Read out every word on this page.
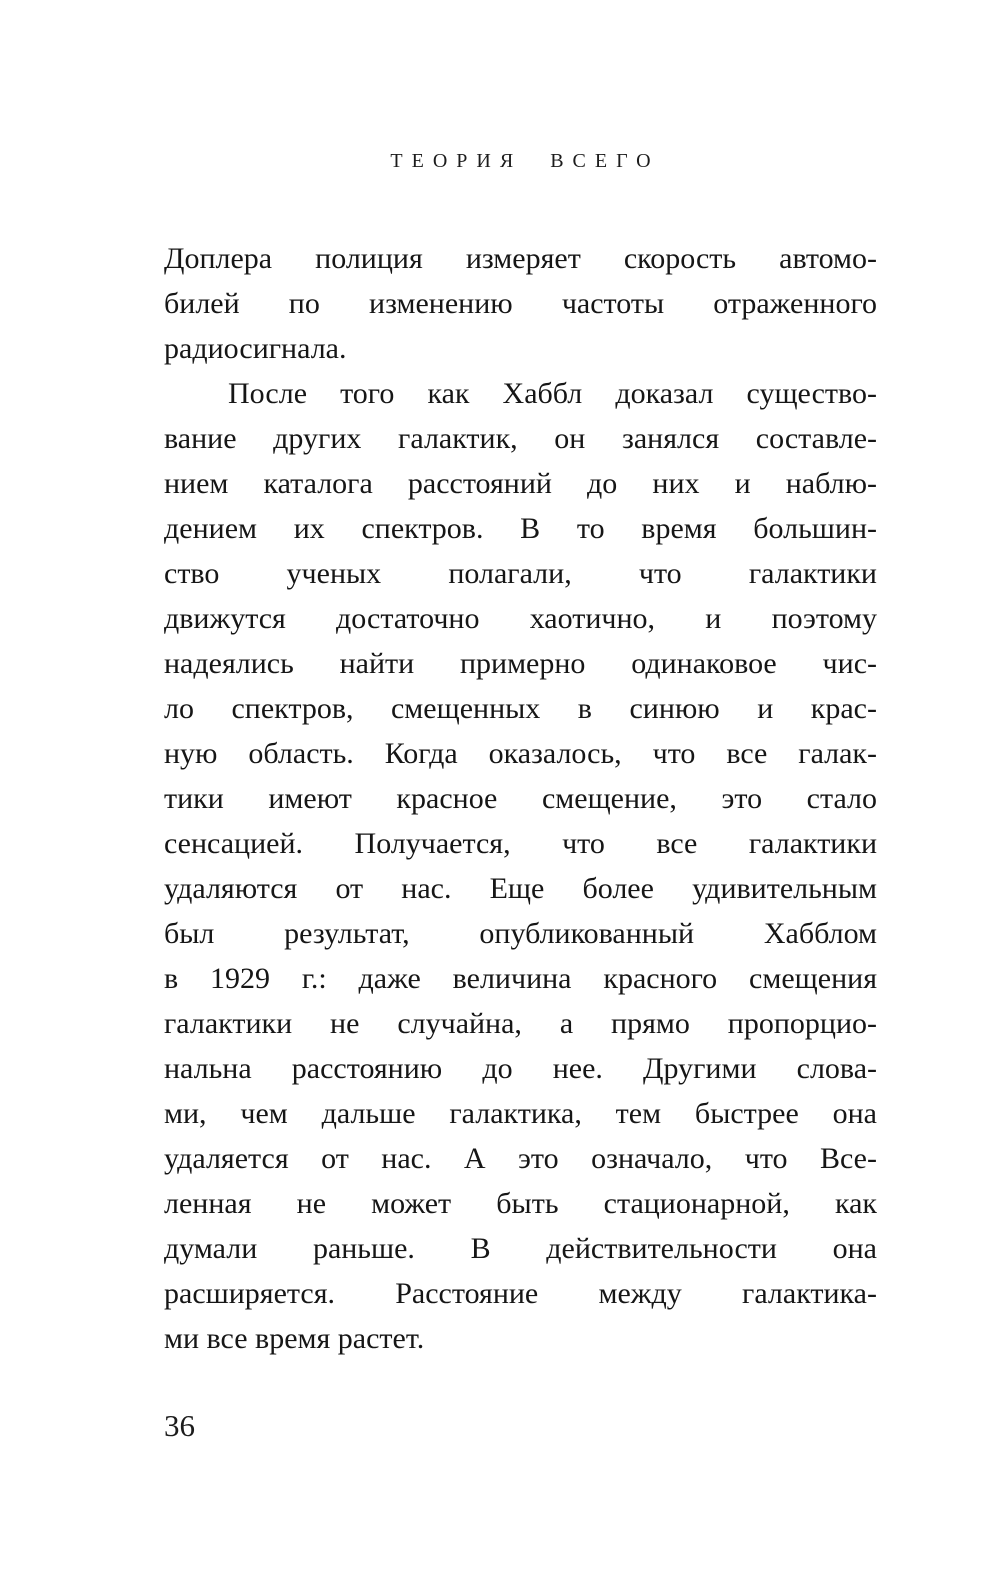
ТЕОРИЯ ВСЕГО
Доплера полиция измеряет скорость автомо-
билей по изменению частоты отраженного
радиосигнала.
После того как Хаббл доказал существо-
вание других галактик, он занялся составле-
нием каталога расстояний до них и наблю-
дением их спектров. В то время большин-
ство ученых полагали, что галактики
движутся достаточно хаотично, и поэтому
надеялись найти примерно одинаковое чис-
ло спектров, смещенных в синюю и крас-
ную область. Когда оказалось, что все галак-
тики имеют красное смещение, это стало
сенсацией. Получается, что все галактики
удаляются от нас. Еще более удивительным
был результат, опубликованный Хабблом
в 1929 г.: даже величина красного смещения
галактики не случайна, а прямо пропорцио-
нальна расстоянию до нее. Другими слова-
ми, чем дальше галактика, тем быстрее она
удаляется от нас. А это означало, что Все-
ленная не может быть стационарной, как
думали раньше. В действительности она
расширяется. Расстояние между галактика-
ми все время растет.
36
